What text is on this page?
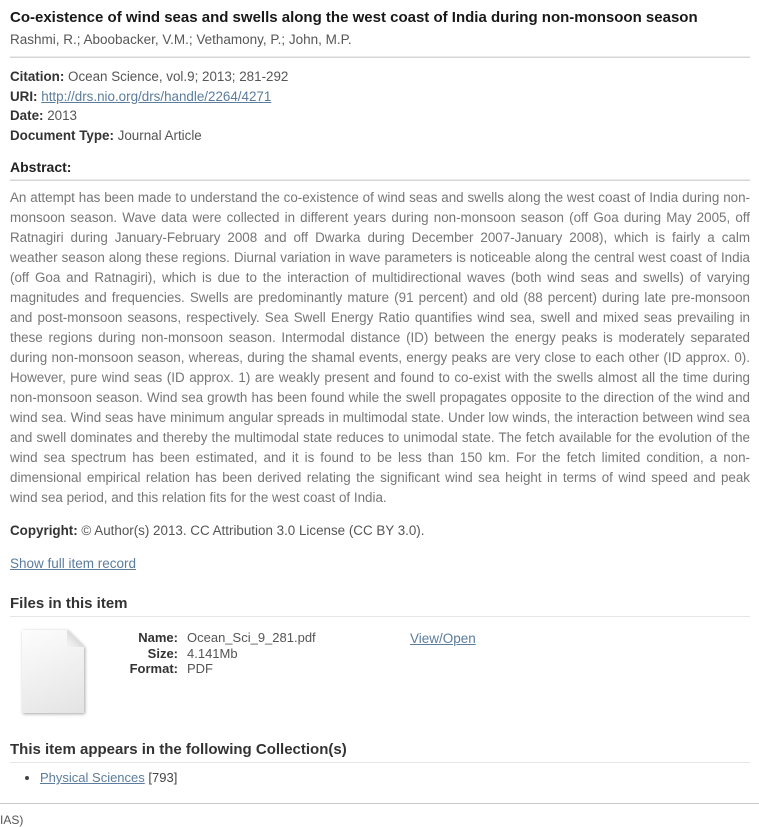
Co-existence of wind seas and swells along the west coast of India during non-monsoon season
Rashmi, R.; Aboobacker, V.M.; Vethamony, P.; John, M.P.
Citation: Ocean Science, vol.9; 2013; 281-292
URI: http://drs.nio.org/drs/handle/2264/4271
Date: 2013
Document Type: Journal Article
Abstract:

An attempt has been made to understand the co-existence of wind seas and swells along the west coast of India during non-monsoon season. Wave data were collected in different years during non-monsoon season (off Goa during May 2005, off Ratnagiri during January-February 2008 and off Dwarka during December 2007-January 2008), which is fairly a calm weather season along these regions. Diurnal variation in wave parameters is noticeable along the central west coast of India (off Goa and Ratnagiri), which is due to the interaction of multidirectional waves (both wind seas and swells) of varying magnitudes and frequencies. Swells are predominantly mature (91 percent) and old (88 percent) during late pre-monsoon and post-monsoon seasons, respectively. Sea Swell Energy Ratio quantifies wind sea, swell and mixed seas prevailing in these regions during non-monsoon season. Intermodal distance (ID) between the energy peaks is moderately separated during non-monsoon season, whereas, during the shamal events, energy peaks are very close to each other (ID approx. 0). However, pure wind seas (ID approx. 1) are weakly present and found to co-exist with the swells almost all the time during non-monsoon season. Wind sea growth has been found while the swell propagates opposite to the direction of the wind and wind sea. Wind seas have minimum angular spreads in multimodal state. Under low winds, the interaction between wind sea and swell dominates and thereby the multimodal state reduces to unimodal state. The fetch available for the evolution of the wind sea spectrum has been estimated, and it is found to be less than 150 km. For the fetch limited condition, a non-dimensional empirical relation has been derived relating the significant wind sea height in terms of wind speed and peak wind sea period, and this relation fits for the west coast of India.

Copyright: © Author(s) 2013. CC Attribution 3.0 License (CC BY 3.0).

Show full item record
Files in this item
Name: Ocean_Sci_9_281.pdf
Size: 4.141Mb
Format: PDF
View/Open
This item appears in the following Collection(s)
• Physical Sciences [793]
IAS)
